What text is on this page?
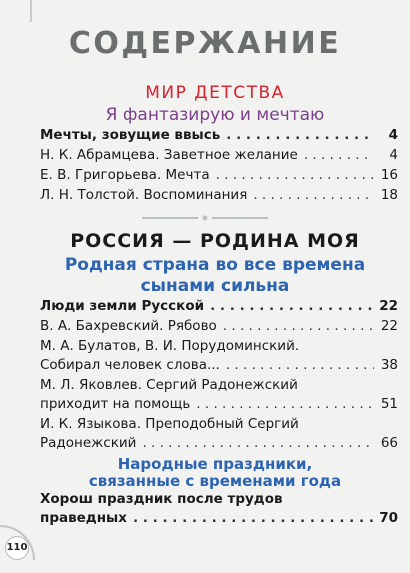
СОДЕРЖАНИЕ
МИР ДЕТСТВА
Я фантазирую и мечтаю
Мечты, зовущие ввысь . . .	4
Н. К. Абрамцева. Заветное желание . . .	4
Е. В. Григорьева. Мечта . . .	16
Л. Н. Толстой. Воспоминания . . .	18
РОССИЯ — РОДИНА МОЯ
Родная страна во все времена
сынами сильна
Люди земли Русской . . .	22
В. А. Бахревский. Рябово . . .	22
М. А. Булатов, В. И. Порудоминский.
Собирал человек слова... . . .	38
М. Л. Яковлев. Сергий Радонежский
приходит на помощь . . .	51
И. К. Языкова. Преподобный Сергий
Радонежский . . .	66
Народные праздники,
связанные с временами года
Хорош праздник после трудов
праведных . . .	70
110
